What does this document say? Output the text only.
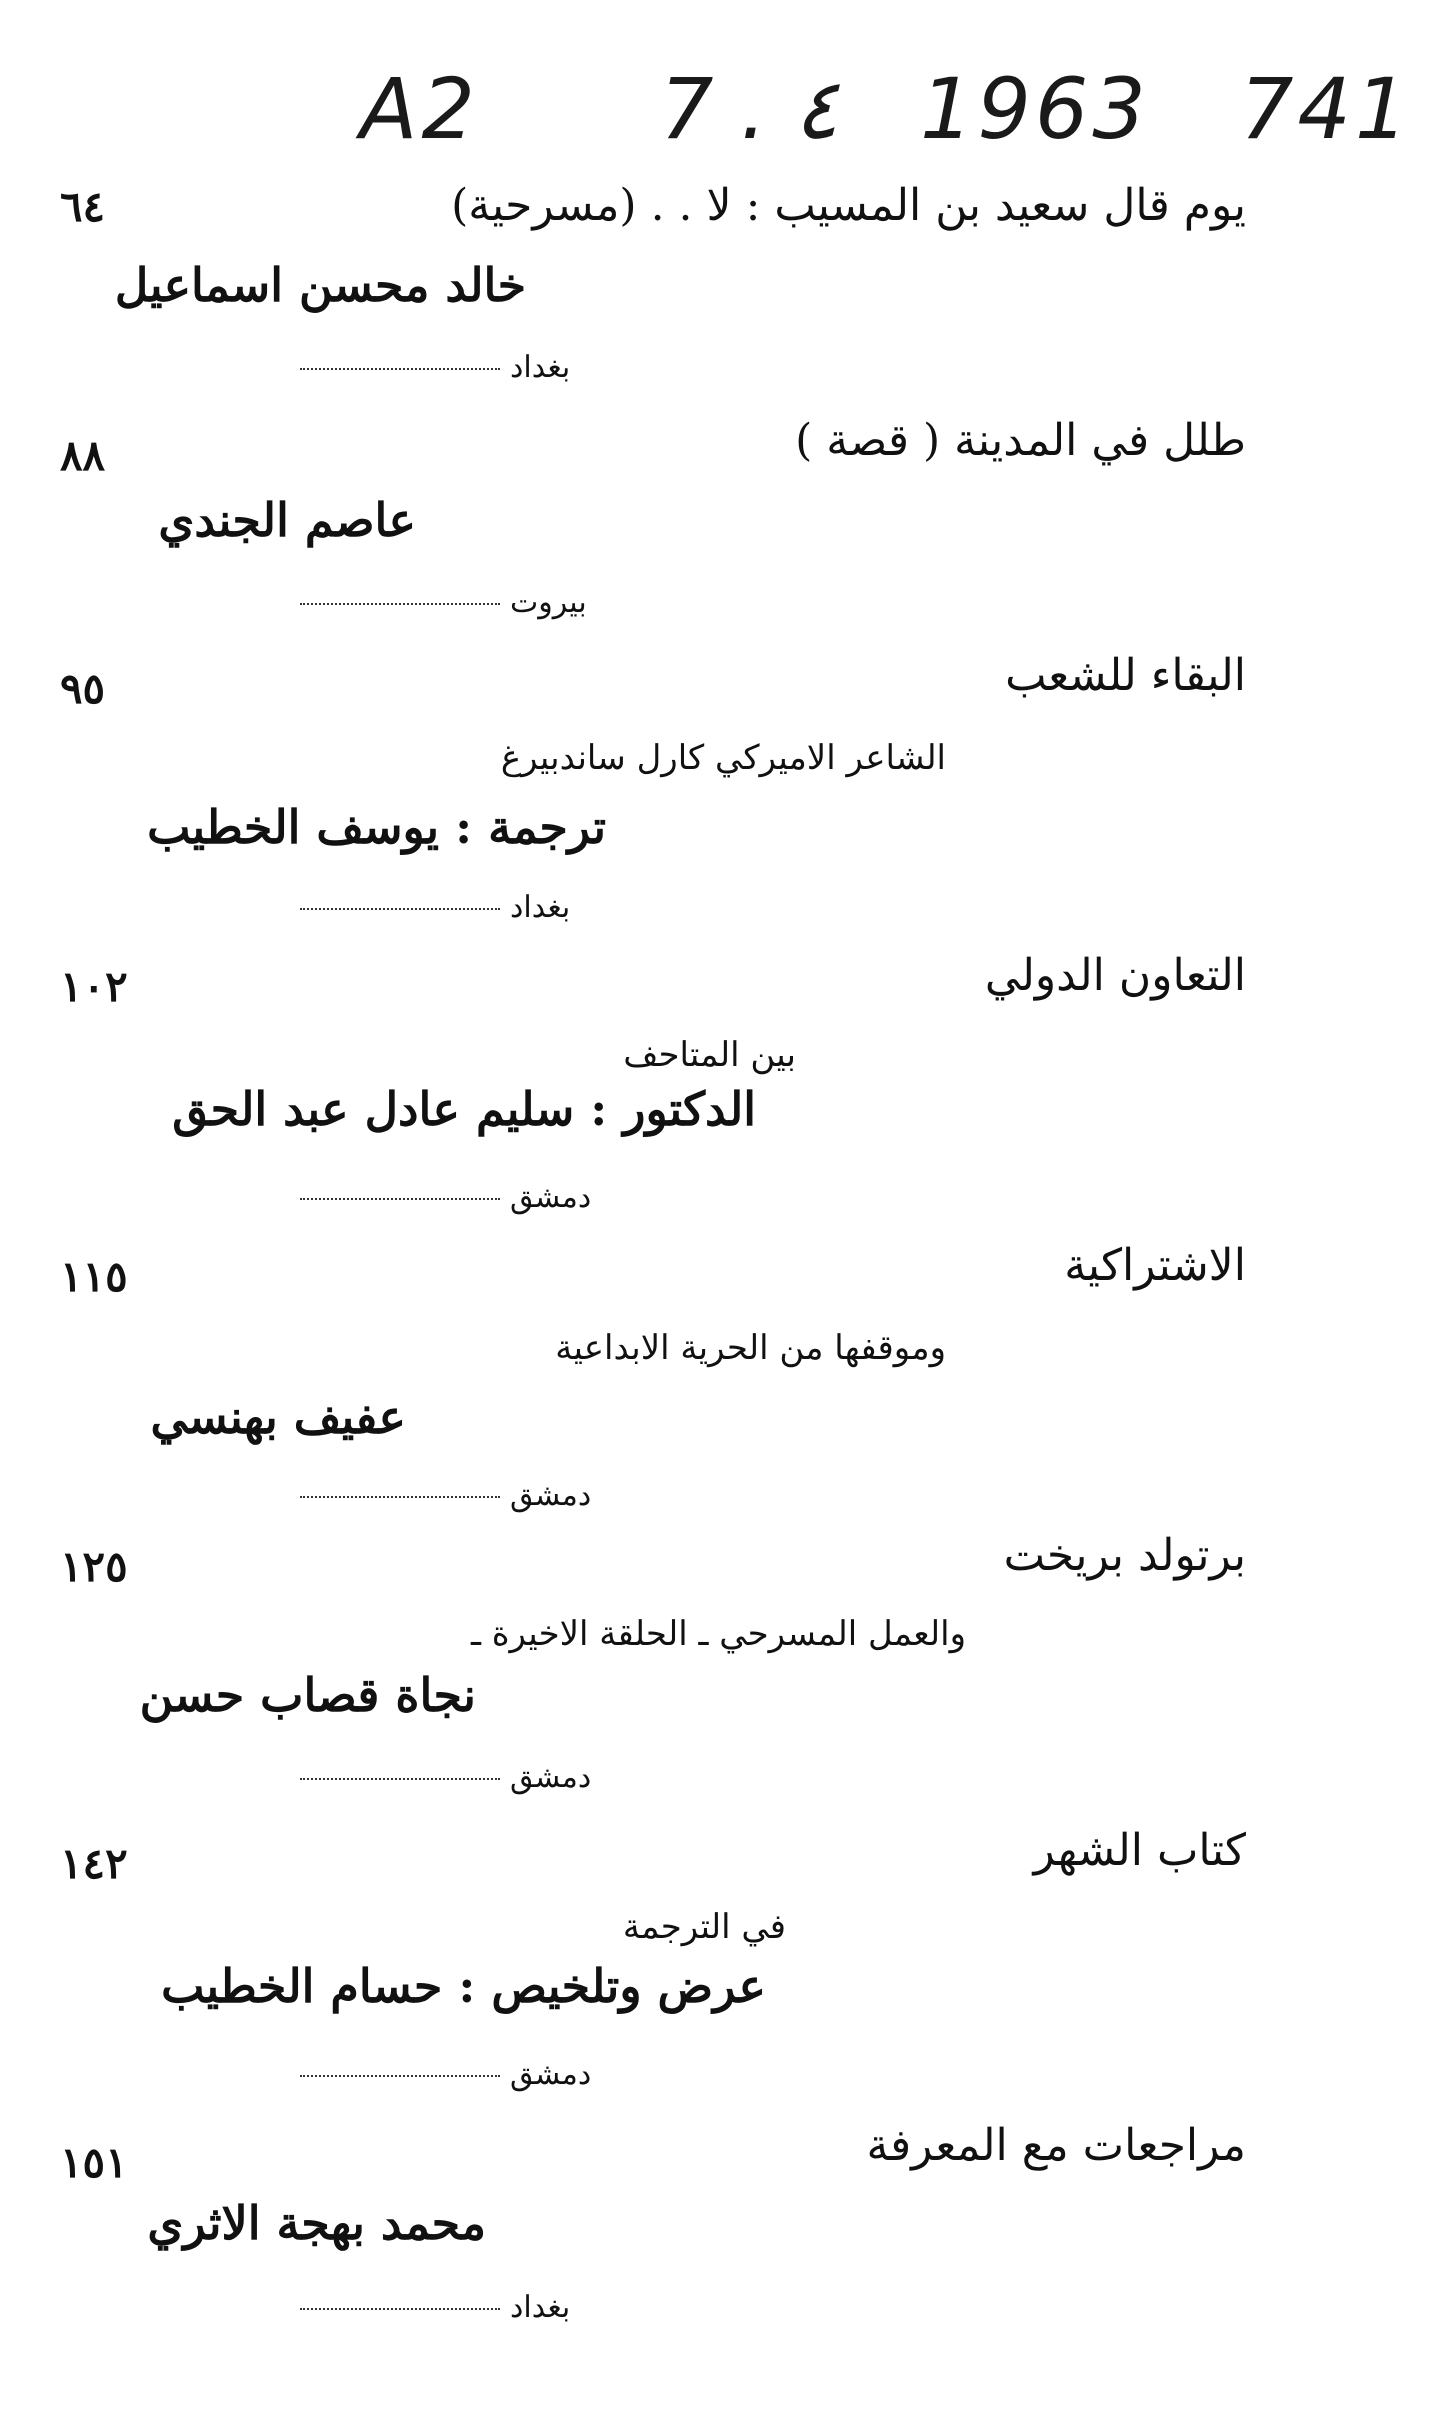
A2 7 . ٤ 1963 741
يوم قال سعيد بن المسيب : لا . . (مسرحية)
٦٤
خالد محسن اسماعيل
بغداد
طلل في المدينة ( قصة )
٨٨
عاصم الجندي
بيروت
البقاء للشعب
٩٥
الشاعر الاميركي كارل ساندبيرغ
ترجمة : يوسف الخطيب
بغداد
التعاون الدولي
١٠٢
بين المتاحف
الدكتور : سليم عادل عبد الحق
دمشق
الاشتراكية
١١٥
وموقفها من الحرية الابداعية
عفيف بهنسي
دمشق
برتولد بريخت
١٢٥
والعمل المسرحي ـ الحلقة الاخيرة ـ
نجاة قصاب حسن
دمشق
كتاب الشهر
١٤٢
في الترجمة
عرض وتلخيص : حسام الخطيب
دمشق
مراجعات مع المعرفة
١٥١
محمد بهجة الاثري
بغداد
